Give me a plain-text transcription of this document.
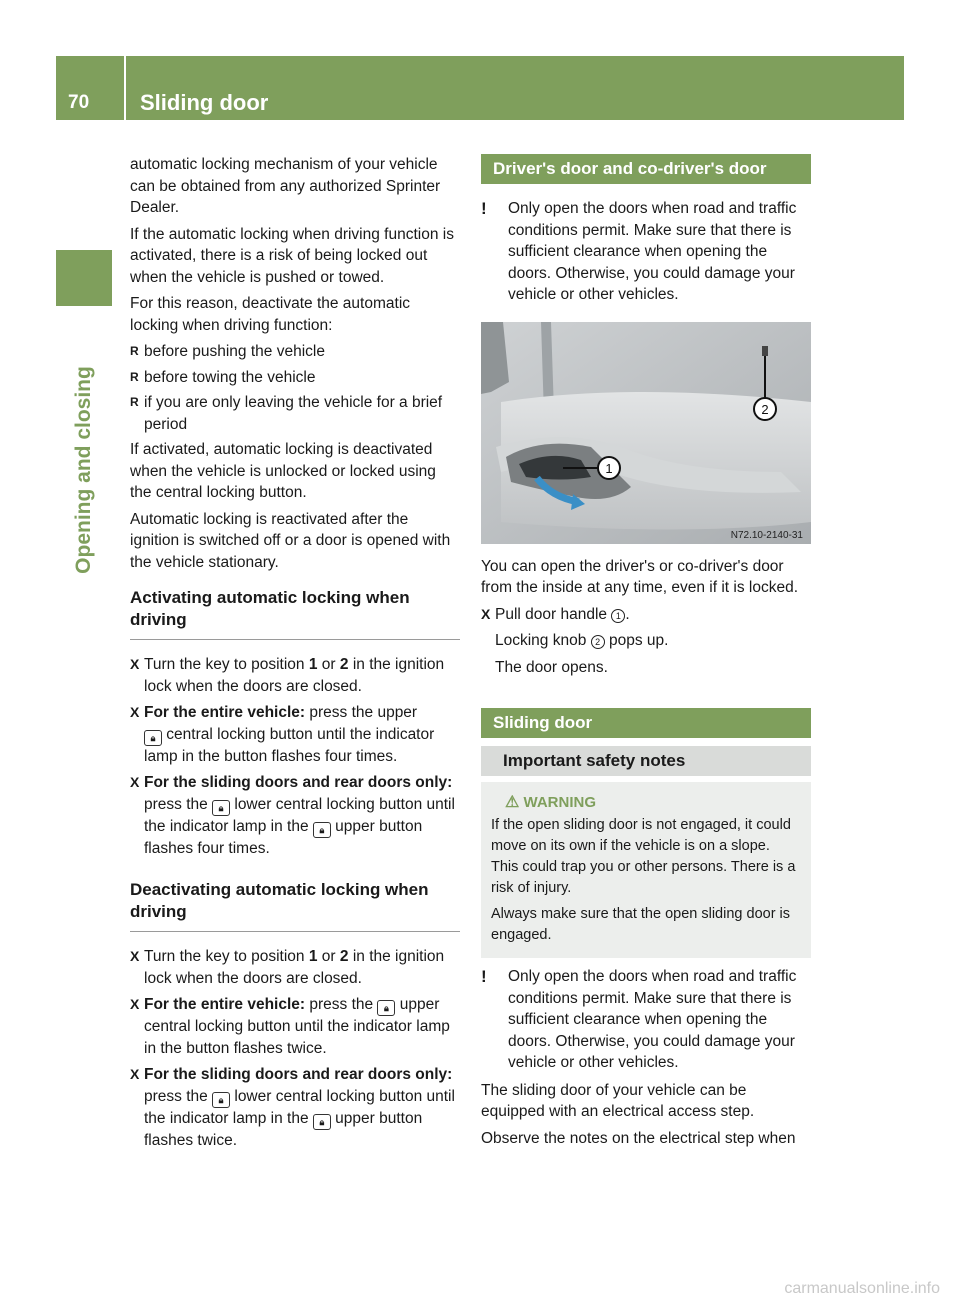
70 Sliding door
Opening and closing

automatic locking mechanism of your vehicle can be obtained from any authorized Sprinter Dealer.

If the automatic locking when driving function is activated, there is a risk of being locked out when the vehicle is pushed or towed.

For this reason, deactivate the automatic locking when driving function:

R before pushing the vehicle
R before towing the vehicle
R if you are only leaving the vehicle for a brief period

If activated, automatic locking is deactivated when the vehicle is unlocked or locked using the central locking button.

Automatic locking is reactivated after the ignition is switched off or a door is opened with the vehicle stationary.

Activating automatic locking when driving
X Turn the key to position 1 or 2 in the ignition lock when the doors are closed.
X For the entire vehicle: press the upper
🔒︎ central locking button until the indicator lamp in the button flashes four times.
X For the sliding doors and rear doors only: press the 🔒︎ lower central locking button until the indicator lamp in the 🔒︎ upper button flashes four times.
Deactivating automatic locking when driving
X Turn the key to position 1 or 2 in the ignition lock when the doors are closed.
X For the entire vehicle: press the 🔒︎ upper central locking button until the indicator lamp in the button flashes twice.
X For the sliding doors and rear doors only: press the 🔒︎ lower central locking button until the indicator lamp in the 🔒︎ upper button flashes twice.
Driver's door and co-driver's door
! Only open the doors when road and traffic conditions permit. Make sure that there is sufficient clearance when opening the doors. Otherwise, you could damage your vehicle or other vehicles.
1
2
N72.10-2140-31

You can open the driver's or co-driver's door from the inside at any time, even if it is locked.

X Pull door handle 1 .
Locking knob 2 pops up.
The door opens.
Sliding door
Important safety notes
⚠︎ WARNING

If the open sliding door is not engaged, it could move on its own if the vehicle is on a slope. This could trap you or other persons. There is a risk of injury.

Always make sure that the open sliding door is engaged.

! Only open the doors when road and traffic conditions permit. Make sure that there is sufficient clearance when opening the doors. Otherwise, you could damage your vehicle or other vehicles.

The sliding door of your vehicle can be equipped with an electrical access step.

Observe the notes on the electrical step when

carmanualsonline.info
